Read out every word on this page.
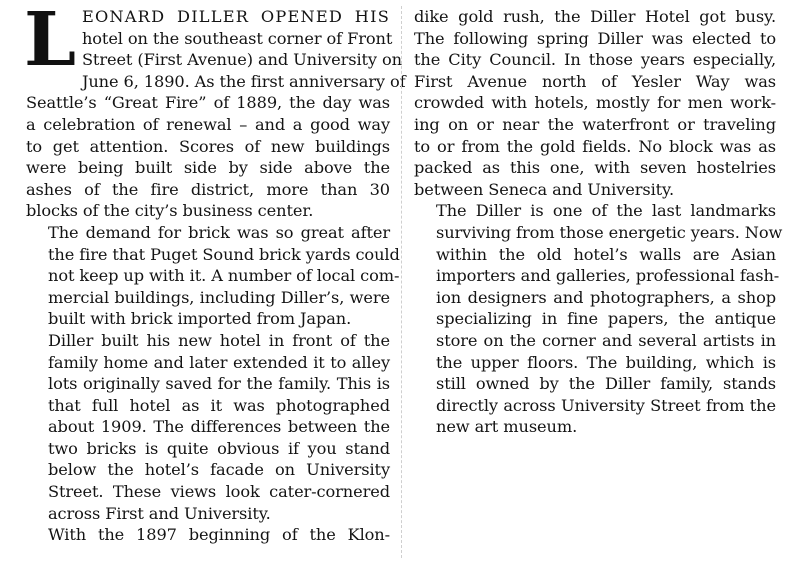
L EONARD DILLER OPENED HIS
hotel on the southeast corner of Front
Street (First Avenue) and University on
June 6, 1890. As the first anniversary of
Seattle’s “Great Fire” of 1889, the day was
a celebration of renewal – and a good way
to get attention. Scores of new buildings
were being built side by side above the
ashes of the fire district, more than 30
blocks of the city’s business center.

The demand for brick was so great after
the fire that Puget Sound brick yards could
not keep up with it. A number of local com-
mercial buildings, including Diller’s, were
built with brick imported from Japan.

Diller built his new hotel in front of the
family home and later extended it to alley
lots originally saved for the family. This is
that full hotel as it was photographed
about 1909. The differences between the
two bricks is quite obvious if you stand
below the hotel’s facade on University
Street. These views look cater-cornered
across First and University.

With the 1897 beginning of the Klon-

dike gold rush, the Diller Hotel got busy.
The following spring Diller was elected to
the City Council. In those years especially,
First Avenue north of Yesler Way was
crowded with hotels, mostly for men work-
ing on or near the waterfront or traveling
to or from the gold fields. No block was as
packed as this one, with seven hostelries
between Seneca and University.

The Diller is one of the last landmarks
surviving from those energetic years. Now
within the old hotel’s walls are Asian
importers and galleries, professional fash-
ion designers and photographers, a shop
specializing in fine papers, the antique
store on the corner and several artists in
the upper floors. The building, which is
still owned by the Diller family, stands
directly across University Street from the
new art museum.
